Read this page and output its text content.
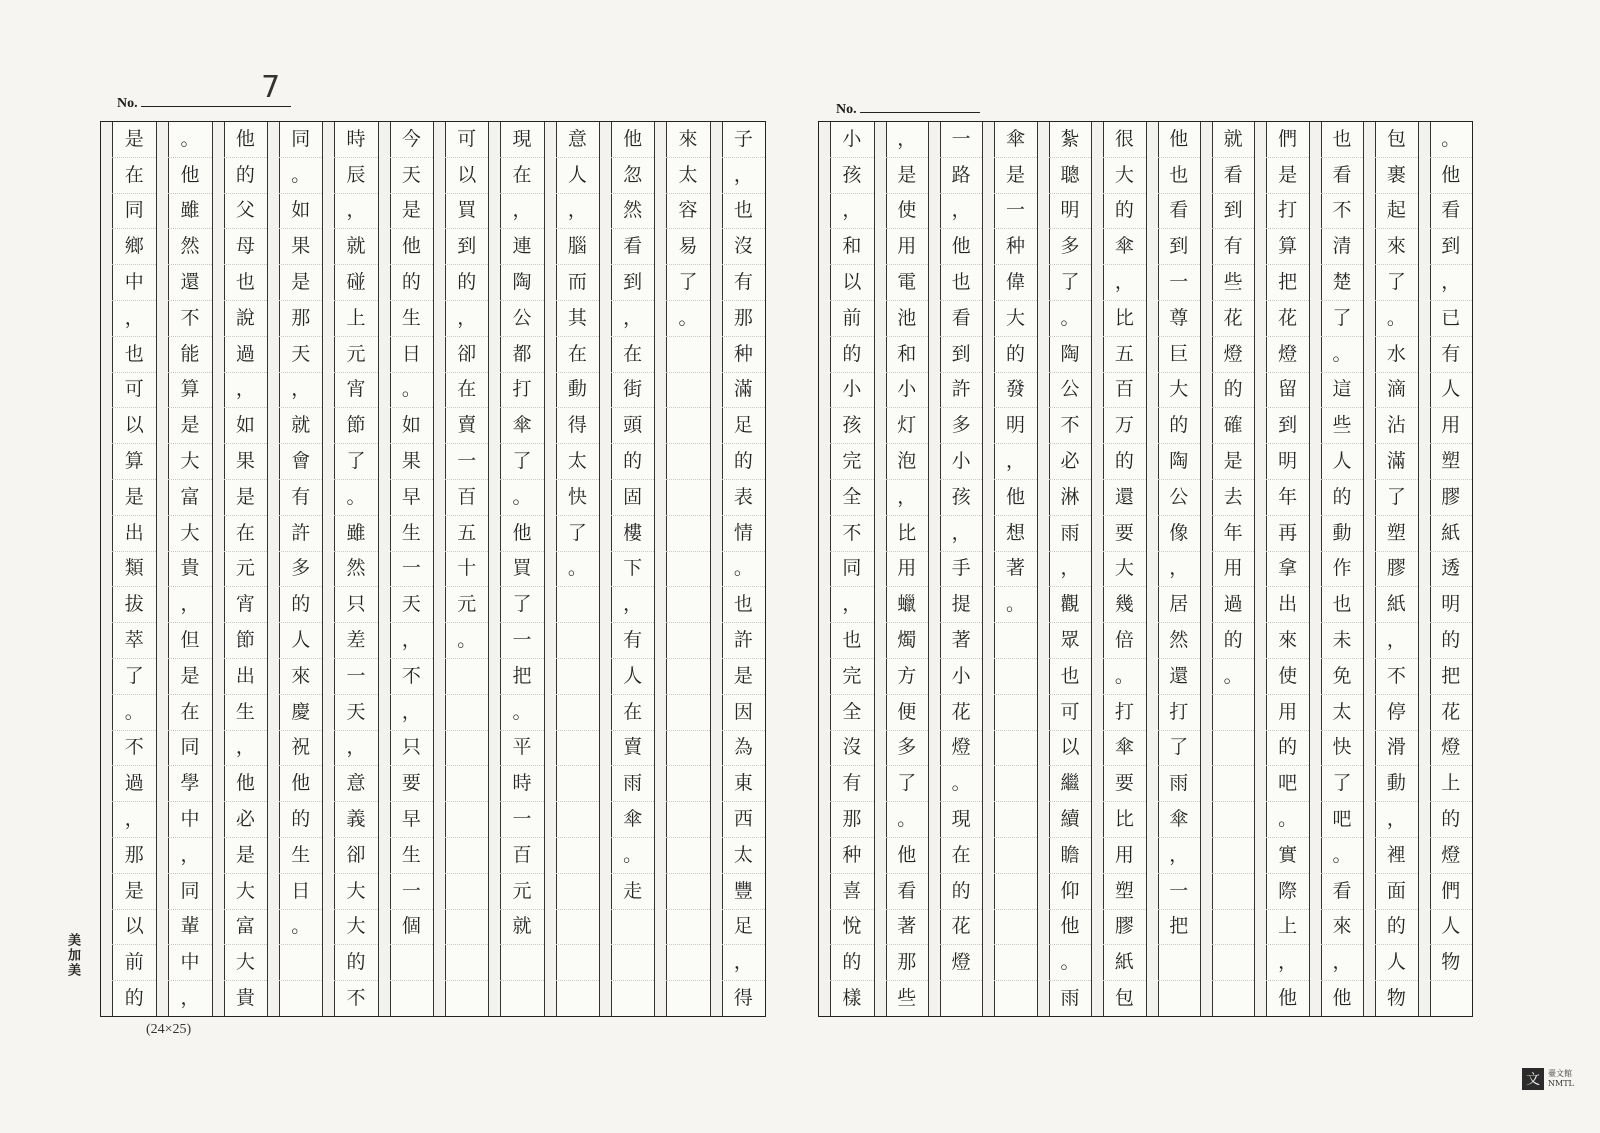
No.	7
子
，
也
沒
有
那
种
滿
足
的
表
情
。
也
許
是
因
為
東
西
太
豐
足
，
得
來
太
容
易
了
。
他
忽
然
看
到
，
在
街
頭
的
固
樓
下
，
有
人
在
賣
雨
傘
。
走
意
人
，
腦
而
其
在
動
得
太
快
了
。
現
在
，
連
陶
公
都
打
傘
了
。
他
買
了
一
把
。
平
時
一
百
元
就
可
以
買
到
的
，
卻
在
賣
一
百
五
十
元
。
今
天
是
他
的
生
日
。
如
果
早
生
一
天
，
不
，
只
要
早
生
一
個
時
辰
，
就
碰
上
元
宵
節
了
。
雖
然
只
差
一
天
，
意
義
卻
大
大
的
不
同
。
如
果
是
那
天
，
就
會
有
許
多
的
人
來
慶
祝
他
的
生
日
。
他
的
父
母
也
說
過
，
如
果
是
在
元
宵
節
出
生
，
他
必
是
大
富
大
貴
。
他
雖
然
還
不
能
算
是
大
富
大
貴
，
但
是
在
同
學
中
，
同
輩
中
，
是
在
同
鄉
中
，
也
可
以
算
是
出
類
拔
萃
了
。
不
過
，
那
是
以
前
的
美加美
(24×25)
No.
。
他
看
到
，
已
有
人
用
塑
膠
紙
透
明
的
把
花
燈
上
的
燈
們
人
物
包
裹
起
來
了
。
水
滴
沾
滿
了
塑
膠
紙
，
不
停
滑
動
，
裡
面
的
人
物
也
看
不
清
楚
了
。
這
些
人
的
動
作
也
未
免
太
快
了
吧
。
看
來
，
他
們
是
打
算
把
花
燈
留
到
明
年
再
拿
出
來
使
用
的
吧
。
實
際
上
，
他
就
看
到
有
些
花
燈
的
確
是
去
年
用
過
的
。
他
也
看
到
一
尊
巨
大
的
陶
公
像
，
居
然
還
打
了
雨
傘
，
一
把
很
大
的
傘
，
比
五
百
万
的
還
要
大
幾
倍
。
打
傘
要
比
用
塑
膠
紙
包
紮
聰
明
多
了
。
陶
公
不
必
淋
雨
，
觀
眾
也
可
以
繼
續
瞻
仰
他
。
雨
傘
是
一
种
偉
大
的
發
明
，
他
想
著
。
一
路
，
他
也
看
到
許
多
小
孩
，
手
提
著
小
花
燈
。
現
在
的
花
燈
，
是
使
用
電
池
和
小
灯
泡
，
比
用
蠟
燭
方
便
多
了
。
他
看
著
那
些
小
孩
，
和
以
前
的
小
孩
完
全
不
同
，
也
完
全
沒
有
那
种
喜
悅
的
樣
文	臺文館
NMTL
